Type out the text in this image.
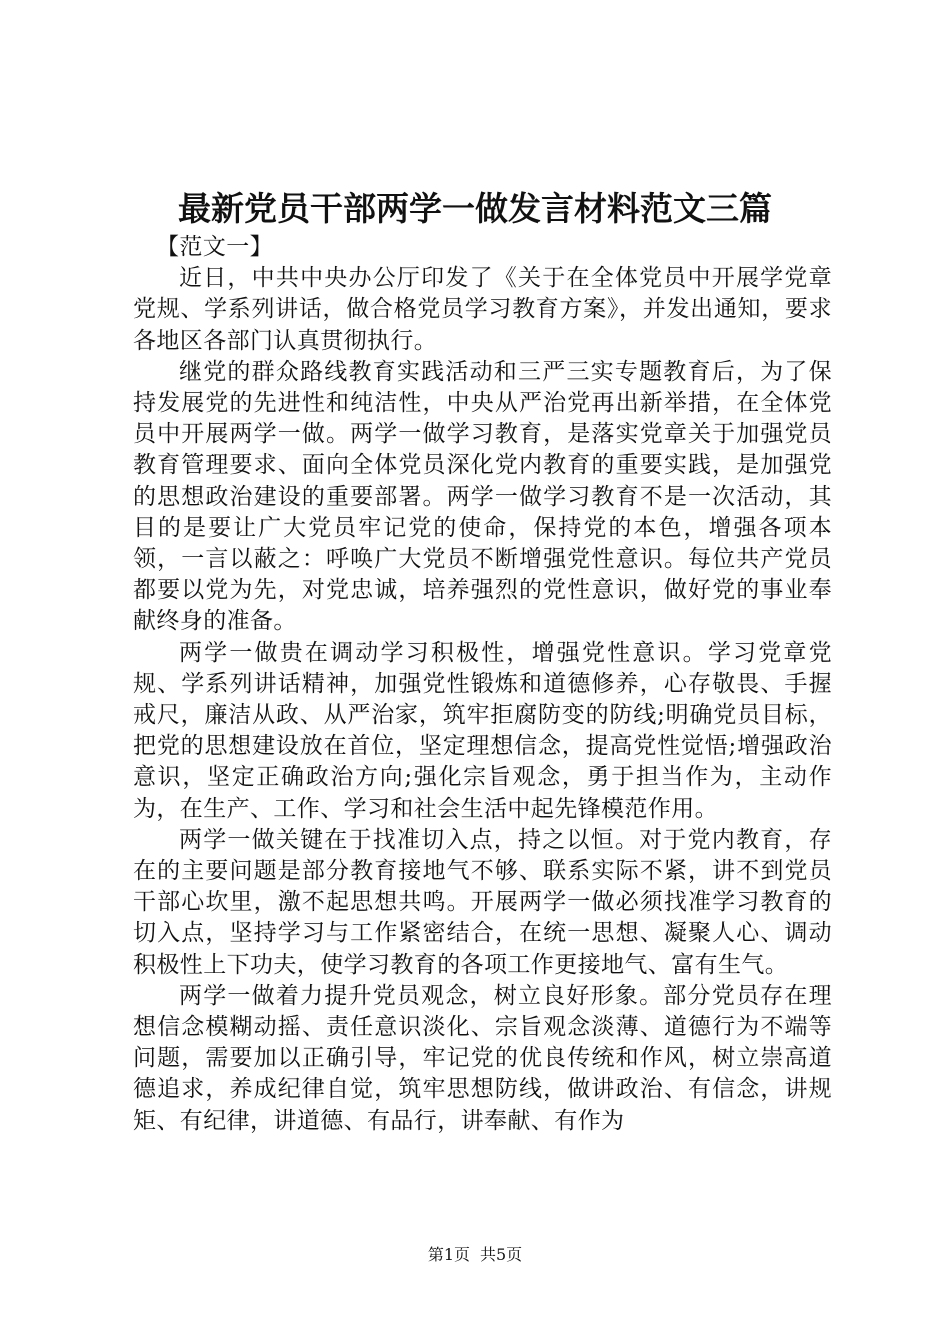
最新党员干部两学一做发言材料范文三篇

【范文一】

近日，中共中央办公厅印发了《关于在全体党员中开展学党章党规、学系列讲话，做合格党员学习教育方案》，并发出通知，要求各地区各部门认真贯彻执行。

继党的群众路线教育实践活动和三严三实专题教育后，为了保持发展党的先进性和纯洁性，中央从严治党再出新举措，在全体党员中开展两学一做。两学一做学习教育，是落实党章关于加强党员教育管理要求、面向全体党员深化党内教育的重要实践，是加强党的思想政治建设的重要部署。两学一做学习教育不是一次活动，其目的是要让广大党员牢记党的使命，保持党的本色，增强各项本领，一言以蔽之：呼唤广大党员不断增强党性意识。每位共产党员都要以党为先，对党忠诚，培养强烈的党性意识，做好党的事业奉献终身的准备。

两学一做贵在调动学习积极性，增强党性意识。学习党章党规、学系列讲话精神，加强党性锻炼和道德修养，心存敬畏、手握戒尺，廉洁从政、从严治家，筑牢拒腐防变的防线;明确党员目标，把党的思想建设放在首位，坚定理想信念，提高党性觉悟;增强政治意识，坚定正确政治方向;强化宗旨观念，勇于担当作为，主动作为，在生产、工作、学习和社会生活中起先锋模范作用。

两学一做关键在于找准切入点，持之以恒。对于党内教育，存在的主要问题是部分教育接地气不够、联系实际不紧，讲不到党员干部心坎里，激不起思想共鸣。开展两学一做必须找准学习教育的切入点，坚持学习与工作紧密结合，在统一思想、凝聚人心、调动积极性上下功夫，使学习教育的各项工作更接地气、富有生气。

两学一做着力提升党员观念，树立良好形象。部分党员存在理想信念模糊动摇、责任意识淡化、宗旨观念淡薄、道德行为不端等问题，需要加以正确引导，牢记党的优良传统和作风，树立崇高道德追求，养成纪律自觉，筑牢思想防线，做讲政治、有信念，讲规矩、有纪律，讲道德、有品行，讲奉献、有作为

第1页 共5页
